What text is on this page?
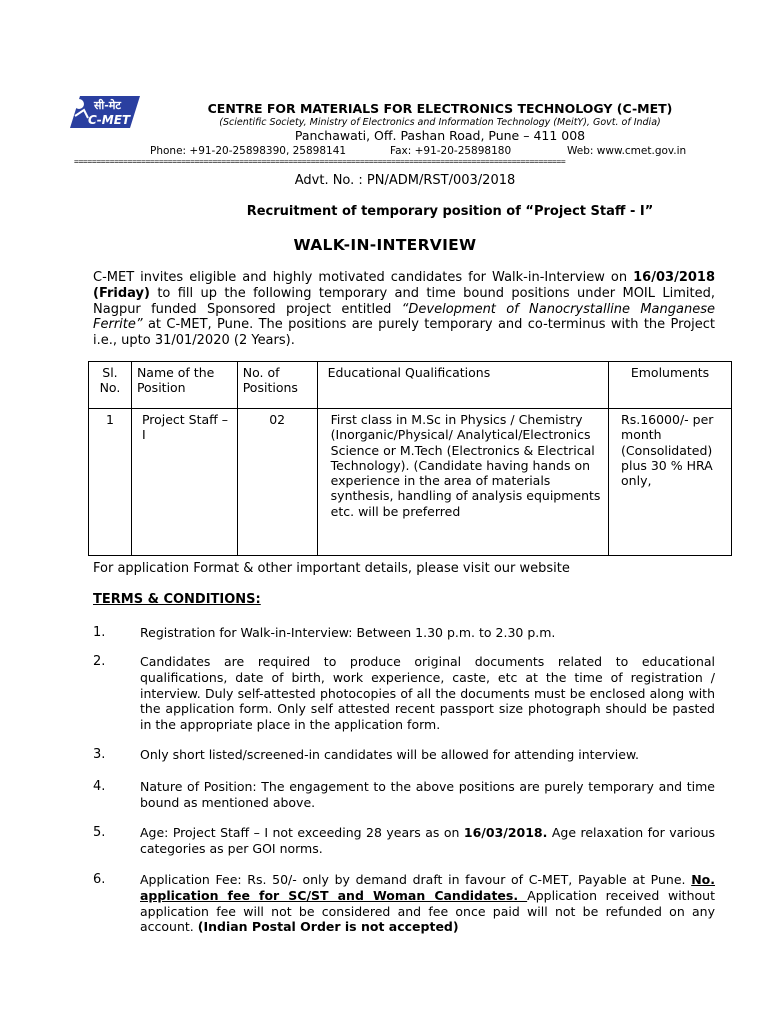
सी-मेट
C-MET
CENTRE FOR MATERIALS FOR ELECTRONICS TECHNOLOGY (C-MET)
(Scientific Society, Ministry of Electronics and Information Technology (MeitY), Govt. of India)
Panchawati, Off. Pashan Road, Pune – 411 008
Phone: +91-20-25898390, 25898141	Fax: +91-20-25898180	Web: www.cmet.gov.in
==============================================================================================================
Advt. No. : PN/ADM/RST/003/2018
Recruitment of temporary position of “Project Staff - I”
WALK-IN-INTERVIEW
C-MET invites eligible and highly motivated candidates for Walk-in-Interview on 16/03/2018 (Friday) to fill up the following temporary and time bound positions under MOIL Limited, Nagpur funded Sponsored project entitled “Development of Nanocrystalline Manganese Ferrite” at C-MET, Pune. The positions are purely temporary and co-terminus with the Project i.e., upto 31/01/2020 (2 Years).
Sl. No.	Name of the Position	No. of Positions	Educational Qualifications	Emoluments
1	Project Staff – I	02	First class in M.Sc in Physics / Chemistry (Inorganic/Physical/ Analytical/Electronics Science or M.Tech (Electronics & Electrical Technology). (Candidate having hands on experience in the area of materials synthesis, handling of analysis equipments etc. will be preferred	Rs.16000/- per month (Consolidated) plus 30 % HRA only,
For application Format & other important details, please visit our website
TERMS & CONDITIONS:
1.	Registration for Walk-in-Interview: Between 1.30 p.m. to 2.30 p.m.
2.	Candidates are required to produce original documents related to educational qualifications, date of birth, work experience, caste, etc at the time of registration / interview. Duly self-attested photocopies of all the documents must be enclosed along with the application form. Only self attested recent passport size photograph should be pasted in the appropriate place in the application form.
3.	Only short listed/screened-in candidates will be allowed for attending interview.
4.	Nature of Position: The engagement to the above positions are purely temporary and time bound as mentioned above.
5.	Age: Project Staff – I not exceeding 28 years as on 16/03/2018. Age relaxation for various categories as per GOI norms.
6.	Application Fee: Rs. 50/- only by demand draft in favour of C-MET, Payable at Pune. No. application fee for SC/ST and Woman Candidates. Application received without application fee will not be considered and fee once paid will not be refunded on any account. (Indian Postal Order is not accepted)
